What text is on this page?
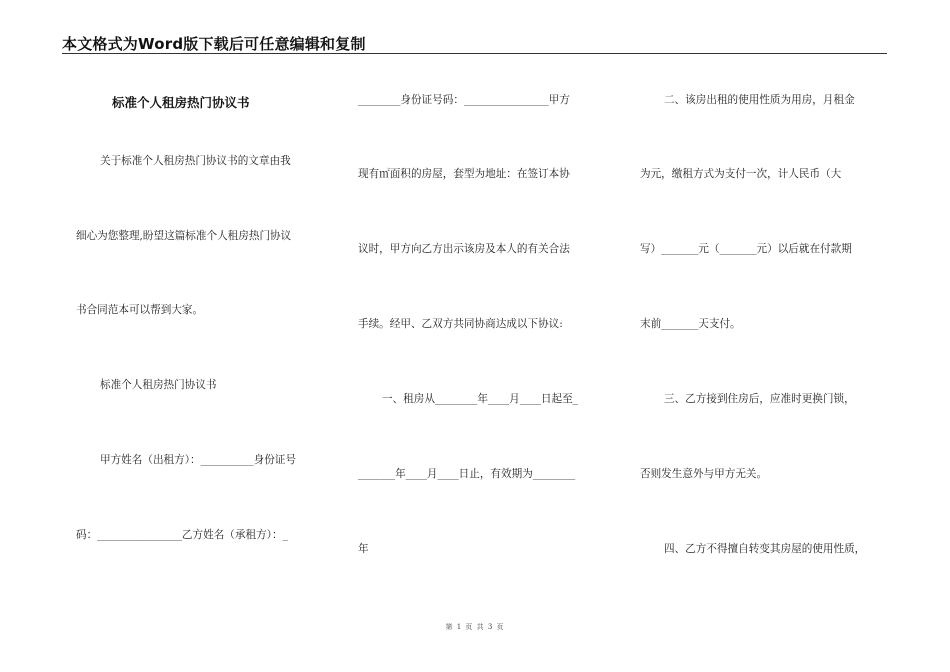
本文格式为Word版下载后可任意编辑和复制
标准个人租房热门协议书
关于标准个人租房热门协议书的文章由我
细心为您整理,盼望这篇标准个人租房热门协议
书合同范本可以帮到大家。
标准个人租房热门协议书
甲方姓名（出租方）：__________身份证号
码：________________乙方姓名（承租方）：_
________身份证号码：________________甲方
现有㎡面积的房屋，套型为地址：在签订本协
议时，甲方向乙方出示该房及本人的有关合法
手续。经甲、乙双方共同协商达成以下协议:
一、租房从________年____月____日起至_
_______年____月____日止，有效期为________
年
二、该房出租的使用性质为用房，月租金
为元，缴租方式为支付一次，计人民币（大
写）_______元（_______元）以后就在付款期
末前_______天支付。
三、乙方接到住房后，应准时更换门锁，
否则发生意外与甲方无关。
四、乙方不得擅自转变其房屋的使用性质，
第 1 页 共 3 页
